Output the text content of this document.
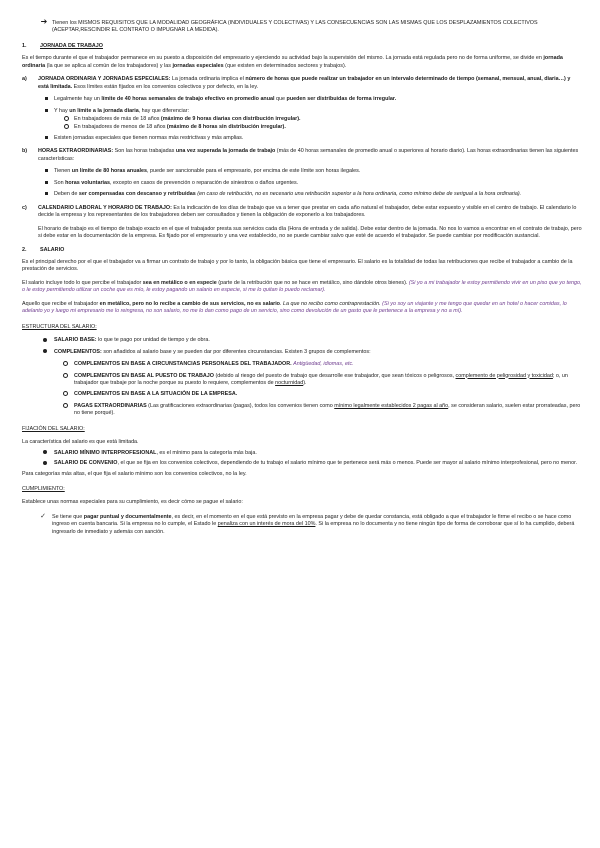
➔ Tienen los MISMOS REQUISITOS QUE LA MODALIDAD GEOGRÁFICA (INDIVIDUALES Y COLECTIVAS) Y LAS CONSECUENCIAS SON LAS MISMAS QUE LOS DESPLAZAMIENTOS COLECTIVOS (ACEPTAR,RESCINDIR EL CONTRATO O IMPUGNAR LA MEDIDA).
1.	JORNADA DE TRABAJO

Es el tiempo durante el que el trabajador permanece en su puesto a disposición del empresario y ejerciendo su actividad bajo la supervisión del mismo. La jornada está regulada pero no de forma uniforme, se divide en jornada ordinaria (la que se aplica al común de los trabajadores) y las jornadas especiales (que existen en determinados sectores y trabajos).

a)	JORNADA ORDINARIA Y JORNADAS ESPECIALES: La jornada ordinaria implica el número de horas que puede realizar un trabajador en un intervalo determinado de tiempo (semanal, mensual, anual, diaria…) y está limitada. Esos límites están fijados en los convenios colectivos y por defecto, en la ley.
Legalmente hay un límite de 40 horas semanales de trabajo efectivo en promedio anual que pueden ser distribuidas de forma irregular.
Y hay un límite a la jornada diaria, hay que diferenciar:
En trabajadores de más de 18 años (máximo de 9 horas diarias con distribución irregular).
En trabajadores de menos de 18 años (máximo de 8 horas sin distribución irregular).
Existen jornadas especiales que tienen normas más restrictivas y más amplias.
b)	HORAS EXTRAORDINARIAS: Son las horas trabajadas una vez superada la jornada de trabajo (más de 40 horas semanales de promedio anual o superiores al horario diario). Las horas extraordinarias tienen las siguientes características:
Tienen un límite de 80 horas anuales, puede ser sancionable para el empresario, por encima de este límite son horas ilegales.
Son horas voluntarias, excepto en casos de prevención o reparación de siniestros o daños urgentes.
Deben de ser compensadas con descanso y retribuidas (en caso de retribución, no es necesario una retribución superior a la hora ordinaria, como mínimo debe de serigual a la hora ordinaria).
c)	CALENDARIO LABORAL Y HORARIO DE TRABAJO: Es la indicación de los días de trabajo que va a tener que prestar en cada año natural el trabajador, debe estar expuesto y visible en el centro de trabajo. El calendario lo decide la empresa y los representantes de los trabajadores deben ser consultados y tienen la obligación de exponerlo a los trabajadores.

El horario de trabajo es el tiempo de trabajo exacto en el que el trabajador presta sus servicios cada día (Hora de entrada y de salida). Debe estar dentro de la jornada. No nos lo vamos a encontrar en el contrato de trabajo, pero si debe estar en la documentación de la empresa. Es fijado por el empresario y una vez establecido, no se puede cambiar salvo que esté de acuerdo el trabajador. Se puede cambiar por modificación sustancial.

2.	SALARIO

Es el principal derecho por el que el trabajador va a firmar un contrato de trabajo y por lo tanto, la obligación básica que tiene el empresario. El salario es la totalidad de todas las retribuciones que recibe el trabajador a cambio de la prestación de servicios.

El salario incluye todo lo que percibe el trabajador sea en metálico o en especie (parte de la retribución que no se hace en metálico, sino dándole otros bienes). (Si yo a mi trabajador le estoy permitiendo vivir en un piso que yo tengo, o le estoy permitiendo utilizar un coche que es mío, le estoy pagando un salario en especie, si me lo quitan lo puedo reclamar).

Aquello que recibe el trabajador en metálico, pero no lo recibe a cambio de sus servicios, no es salario. La que no recibo como contraprestación. (Si yo soy un viajante y me tengo que quedar en un hotel o hacer comidas, lo adelanto yo y luego mi empresario me lo reingresa, no son salario, no me lo dan como pago de un servicio, sino como devolución de un gasto que le pertenece a la empresa y no a mí).

ESTRUCTURA DEL SALARIO:
SALARIO BASE: lo que te pago por unidad de tiempo y de obra.
COMPLEMENTOS: son añadidos al salario base y se pueden dar por diferentes circunstancias. Existen 3 grupos de complementos:
COMPLEMENTOS EN BASE A CIRCUNSTANCIAS PERSONALES DEL TRABAJADOR. Antigüedad, idiomas, etc.
COMPLEMENTOS EN BASE AL PUESTO DE TRABAJO (debido al riesgo del puesto de trabajo que desarrolle ese trabajador, que sean tóxicos o peligrosos, complemento de peligrosidad y toxicidad; o, un trabajador que trabaje por la noche porque su puesto lo requiere, complementos de nocturnidad).
COMPLEMENTOS EN BASE A LA SITUACIÓN DE LA EMPRESA.
PAGAS EXTRAORDINARIAS (Las gratificaciones extraordinarias (pagas), todos los convenios tienen como mínimo legalmente establecidos 2 pagas al año, se consideran salario, suelen estar prorrateadas, pero no tiene porqué).
FIJACIÓN DEL SALARIO:

La característica del salario es que está limitada.

SALARIO MÍNIMO INTERPROFESIONAL, es el mínimo para la categoría más baja.
SALARIO DE CONVENIO, el que se fija en los convenios colectivos, dependiendo de tu trabajo el salario mínimo que te pertenece será más o menos. Puede ser mayor al salario mínimo interprofesional, pero no menor.

Para categorías más altas, el que fija el salario mínimo son los convenios colectivos, no la ley.

CUMPLIMIENTO:

Establece unas normas especiales para su cumplimiento, es decir cómo se pague el salario:

✓	Se tiene que pagar puntual y documentalmente, es decir, en el momento en el que está previsto en la empresa pagar y debe de quedar constancia, está obligado a que el trabajador le firme el recibo o se hace como ingreso en cuenta bancaria. Si la empresa no lo cumple, el Estado le penaliza con un interés de mora del 10%. Si la empresa no lo documenta y no tiene ningún tipo de forma de corroborar que sí lo ha cumplido, deberá ingresarlo de inmediato y además con sanción.
